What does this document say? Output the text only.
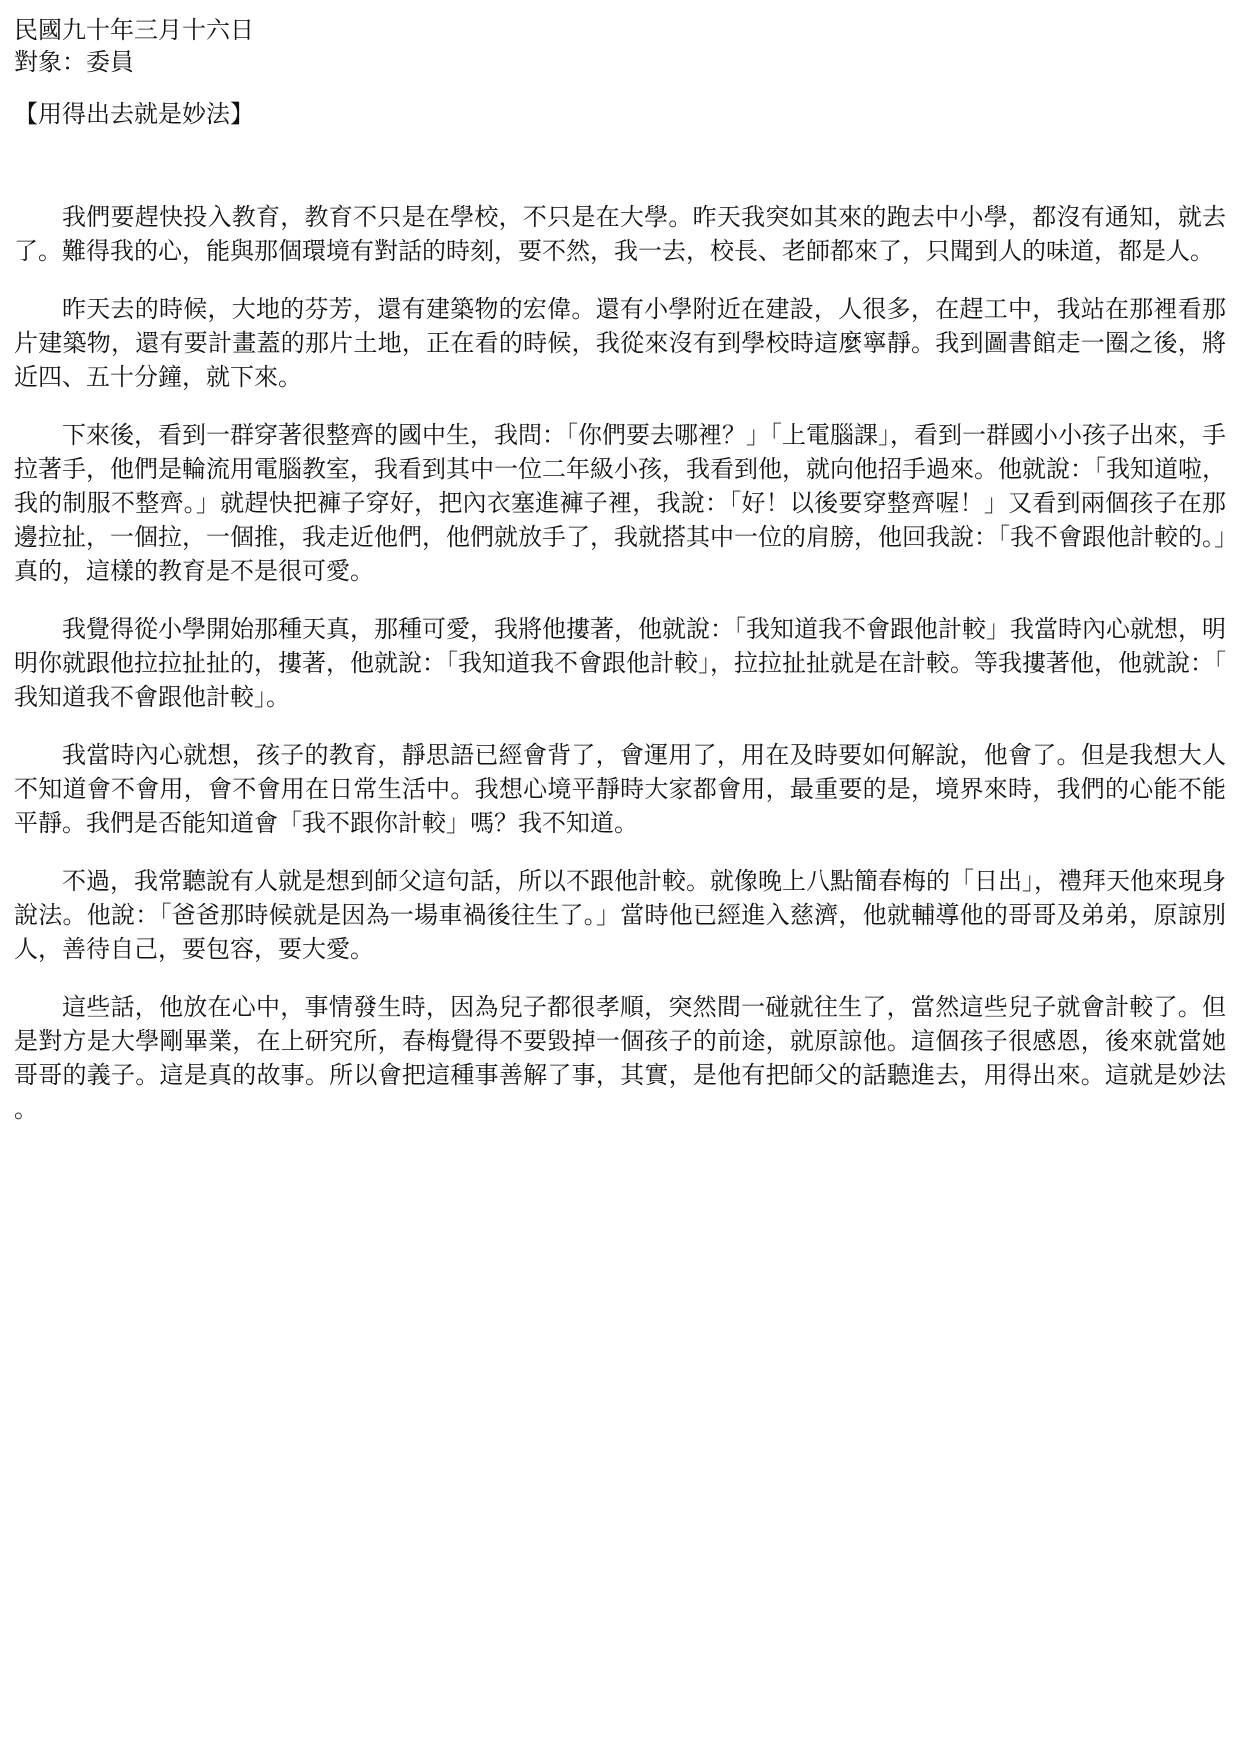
民國九十年三月十六日

對象：委員

【用得出去就是妙法】

我們要趕快投入教育，教育不只是在學校，不只是在大學。昨天我突如其來的跑去中小學，都沒有通知，就去了。難得我的心，能與那個環境有對話的時刻，要不然，我一去，校長、老師都來了，只聞到人的味道，都是人。

昨天去的時候，大地的芬芳，還有建築物的宏偉。還有小學附近在建設，人很多，在趕工中，我站在那裡看那片建築物，還有要計畫蓋的那片土地，正在看的時候，我從來沒有到學校時這麼寧靜。我到圖書館走一圈之後，將近四、五十分鐘，就下來。

下來後，看到一群穿著很整齊的國中生，我問：「你們要去哪裡？」「上電腦課」，看到一群國小小孩子出來，手拉著手，他們是輪流用電腦教室，我看到其中一位二年級小孩，我看到他，就向他招手過來。他就說：「我知道啦，我的制服不整齊。」就趕快把褲子穿好，把內衣塞進褲子裡，我說：「好！以後要穿整齊喔！」又看到兩個孩子在那邊拉扯，一個拉，一個推，我走近他們，他們就放手了，我就搭其中一位的肩膀，他回我說：「我不會跟他計較的。」真的，這樣的教育是不是很可愛。

我覺得從小學開始那種天真，那種可愛，我將他摟著，他就說：「我知道我不會跟他計較」我當時內心就想，明明你就跟他拉拉扯扯的，摟著，他就說：「我知道我不會跟他計較」，拉拉扯扯就是在計較。等我摟著他，他就說：「我知道我不會跟他計較」。

我當時內心就想，孩子的教育，靜思語已經會背了，會運用了，用在及時要如何解說，他會了。但是我想大人不知道會不會用，會不會用在日常生活中。我想心境平靜時大家都會用，最重要的是，境界來時，我們的心能不能平靜。我們是否能知道會「我不跟你計較」嗎？我不知道。

不過，我常聽說有人就是想到師父這句話，所以不跟他計較。就像晚上八點簡春梅的「日出」，禮拜天他來現身說法。他說：「爸爸那時候就是因為一場車禍後往生了。」當時他已經進入慈濟，他就輔導他的哥哥及弟弟，原諒別人，善待自己，要包容，要大愛。

這些話，他放在心中，事情發生時，因為兒子都很孝順，突然間一碰就往生了，當然這些兒子就會計較了。但是對方是大學剛畢業，在上研究所，春梅覺得不要毀掉一個孩子的前途，就原諒他。這個孩子很感恩，後來就當她哥哥的義子。這是真的故事。所以會把這種事善解了事，其實，是他有把師父的話聽進去，用得出來。這就是妙法。
